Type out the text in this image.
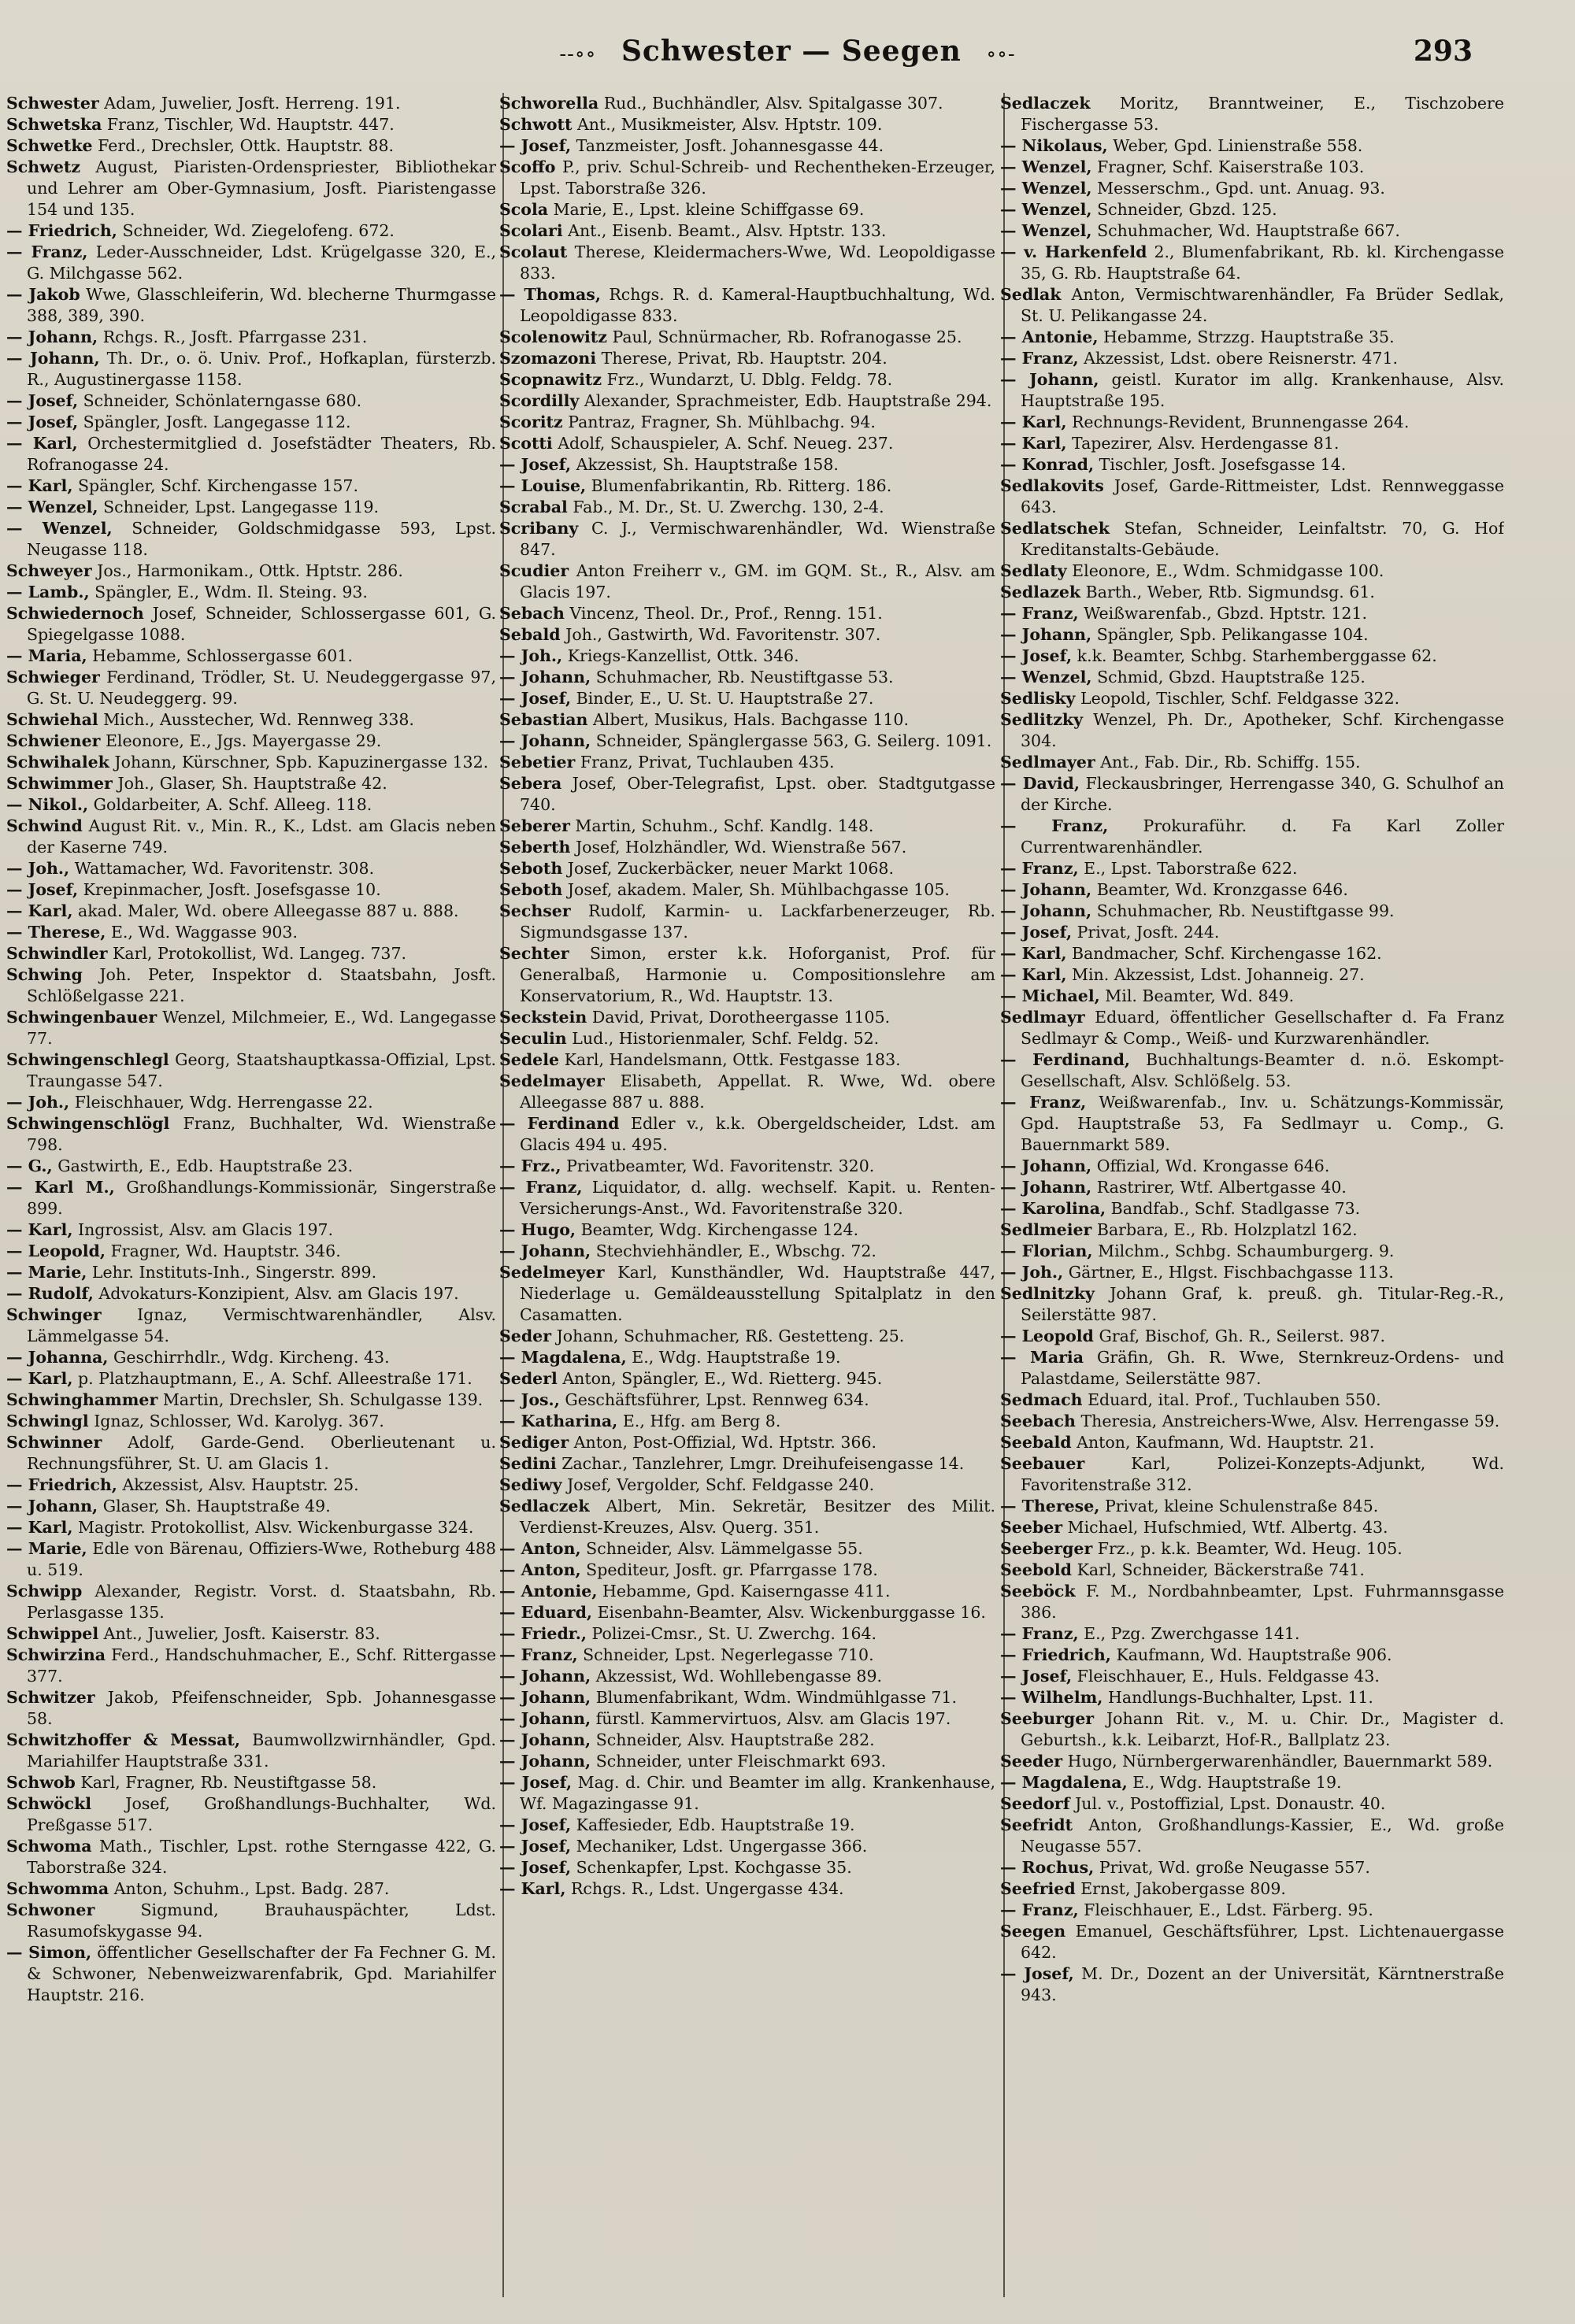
--∘∘ Schwester — Seegen ∘∘-	293

Schwester Adam, Juwelier, Josft. Herreng. 191.

Schwetska Franz, Tischler, Wd. Hauptstr. 447.

Schwetke Ferd., Drechsler, Ottk. Hauptstr. 88.

Schwetz August, Piaristen-Ordenspriester, Bibliothekar und Lehrer am Ober-Gymnasium, Josft. Piaristengasse 154 und 135.

— Friedrich, Schneider, Wd. Ziegelofeng. 672.

— Franz, Leder-Ausschneider, Ldst. Krügelgasse 320, E., G. Milchgasse 562.

— Jakob Wwe, Glasschleiferin, Wd. blecherne Thurmgasse 388, 389, 390.

— Johann, Rchgs. R., Josft. Pfarrgasse 231.

— Johann, Th. Dr., o. ö. Univ. Prof., Hofkaplan, fürsterzb. R., Augustinergasse 1158.

— Josef, Schneider, Schönlaterngasse 680.

— Josef, Spängler, Josft. Langegasse 112.

— Karl, Orchestermitglied d. Josefstädter Theaters, Rb. Rofranogasse 24.

— Karl, Spängler, Schf. Kirchengasse 157.

— Wenzel, Schneider, Lpst. Langegasse 119.

— Wenzel, Schneider, Goldschmidgasse 593, Lpst. Neugasse 118.

Schweyer Jos., Harmonikam., Ottk. Hptstr. 286.

— Lamb., Spängler, E., Wdm. Il. Steing. 93.

Schwiedernoch Josef, Schneider, Schlossergasse 601, G. Spiegelgasse 1088.

— Maria, Hebamme, Schlossergasse 601.

Schwieger Ferdinand, Trödler, St. U. Neudeggergasse 97, G. St. U. Neudeggerg. 99.

Schwiehal Mich., Ausstecher, Wd. Rennweg 338.

Schwiener Eleonore, E., Jgs. Mayergasse 29.

Schwihalek Johann, Kürschner, Spb. Kapuzinergasse 132.

Schwimmer Joh., Glaser, Sh. Hauptstraße 42.

— Nikol., Goldarbeiter, A. Schf. Alleeg. 118.

Schwind August Rit. v., Min. R., K., Ldst. am Glacis neben der Kaserne 749.

— Joh., Wattamacher, Wd. Favoritenstr. 308.

— Josef, Krepinmacher, Josft. Josefsgasse 10.

— Karl, akad. Maler, Wd. obere Alleegasse 887 u. 888.

— Therese, E., Wd. Waggasse 903.

Schwindler Karl, Protokollist, Wd. Langeg. 737.

Schwing Joh. Peter, Inspektor d. Staatsbahn, Josft. Schlößelgasse 221.

Schwingenbauer Wenzel, Milchmeier, E., Wd. Langegasse 77.

Schwingenschlegl Georg, Staatshauptkassa-Offizial, Lpst. Traungasse 547.

— Joh., Fleischhauer, Wdg. Herrengasse 22.

Schwingenschlögl Franz, Buchhalter, Wd. Wienstraße 798.

— G., Gastwirth, E., Edb. Hauptstraße 23.

— Karl M., Großhandlungs-Kommissionär, Singerstraße 899.

— Karl, Ingrossist, Alsv. am Glacis 197.

— Leopold, Fragner, Wd. Hauptstr. 346.

— Marie, Lehr. Instituts-Inh., Singerstr. 899.

— Rudolf, Advokaturs-Konzipient, Alsv. am Glacis 197.

Schwinger Ignaz, Vermischtwarenhändler, Alsv. Lämmelgasse 54.

— Johanna, Geschirrhdlr., Wdg. Kircheng. 43.

— Karl, p. Platzhauptmann, E., A. Schf. Alleestraße 171.

Schwinghammer Martin, Drechsler, Sh. Schulgasse 139.

Schwingl Ignaz, Schlosser, Wd. Karolyg. 367.

Schwinner Adolf, Garde-Gend. Oberlieutenant u. Rechnungsführer, St. U. am Glacis 1.

— Friedrich, Akzessist, Alsv. Hauptstr. 25.

— Johann, Glaser, Sh. Hauptstraße 49.

— Karl, Magistr. Protokollist, Alsv. Wickenburgasse 324.

— Marie, Edle von Bärenau, Offiziers-Wwe, Rotheburg 488 u. 519.

Schwipp Alexander, Registr. Vorst. d. Staatsbahn, Rb. Perlasgasse 135.

Schwippel Ant., Juwelier, Josft. Kaiserstr. 83.

Schwirzina Ferd., Handschuhmacher, E., Schf. Rittergasse 377.

Schwitzer Jakob, Pfeifenschneider, Spb. Johannesgasse 58.

Schwitzhoffer & Messat, Baumwollzwirnhändler, Gpd. Mariahilfer Hauptstraße 331.

Schwob Karl, Fragner, Rb. Neustiftgasse 58.

Schwöckl Josef, Großhandlungs-Buchhalter, Wd. Preßgasse 517.

Schwoma Math., Tischler, Lpst. rothe Sterngasse 422, G. Taborstraße 324.

Schwomma Anton, Schuhm., Lpst. Badg. 287.

Schwoner	Sigmund, Brauhauspächter, Ldst. Rasumofskygasse 94.

— Simon, öffentlicher Gesellschafter der Fa Fechner G. M. & Schwoner, Nebenweizwarenfabrik, Gpd. Mariahilfer Hauptstr. 216.

Schworella Rud., Buchhändler, Alsv. Spitalgasse 307.

Schwott Ant., Musikmeister, Alsv. Hptstr. 109.

— Josef, Tanzmeister, Josft. Johannesgasse 44.

Scoffo P., priv. Schul-Schreib- und Rechentheken-Erzeuger, Lpst. Taborstraße 326.

Scola Marie, E., Lpst. kleine Schiffgasse 69.

Scolari Ant., Eisenb. Beamt., Alsv. Hptstr. 133.

Scolaut Therese, Kleidermachers-Wwe, Wd. Leopoldigasse 833.

— Thomas, Rchgs. R. d. Kameral-Hauptbuchhaltung, Wd. Leopoldigasse 833.

Scolenowitz Paul, Schnürmacher, Rb. Rofranogasse 25.

Szomazoni Therese, Privat, Rb. Hauptstr. 204.

Scopnawitz Frz., Wundarzt, U. Dblg. Feldg. 78.

Scordilly Alexander, Sprachmeister, Edb. Hauptstraße 294.

Scoritz Pantraz, Fragner, Sh. Mühlbachg. 94.

Scotti Adolf, Schauspieler, A. Schf. Neueg. 237.

— Josef, Akzessist, Sh. Hauptstraße 158.

— Louise, Blumenfabrikantin, Rb. Ritterg. 186.

Scrabal Fab., M. Dr., St. U. Zwerchg. 130, 2-4.

Scribany C. J., Vermischwarenhändler, Wd. Wienstraße 847.

Scudier Anton Freiherr v., GM. im GQM. St., R., Alsv. am Glacis 197.

Sebach Vincenz, Theol. Dr., Prof., Renng. 151.

Sebald Joh., Gastwirth, Wd. Favoritenstr. 307.

— Joh., Kriegs-Kanzellist, Ottk. 346.

— Johann, Schuhmacher, Rb. Neustiftgasse 53.

— Josef, Binder, E., U. St. U. Hauptstraße 27.

Sebastian Albert, Musikus, Hals. Bachgasse 110.

— Johann, Schneider, Spänglergasse 563, G. Seilerg. 1091.

Sebetier Franz, Privat, Tuchlauben 435.

Sebera Josef, Ober-Telegrafist, Lpst. ober. Stadtgutgasse 740.

Seberer Martin, Schuhm., Schf. Kandlg. 148.

Seberth Josef, Holzhändler, Wd. Wienstraße 567.

Seboth Josef, Zuckerbäcker, neuer Markt 1068.

Seboth Josef, akadem. Maler, Sh. Mühlbachgasse 105.

Sechser Rudolf, Karmin- u. Lackfarbenerzeuger, Rb. Sigmundsgasse 137.

Sechter Simon, erster k.k. Hoforganist, Prof. für Generalbaß, Harmonie u. Compositionslehre am Konservatorium, R., Wd. Hauptstr. 13.

Seckstein David, Privat, Dorotheergasse 1105.

Seculin Lud., Historienmaler, Schf. Feldg. 52.

Sedele Karl, Handelsmann, Ottk. Festgasse 183.

Sedelmayer Elisabeth, Appellat. R. Wwe, Wd. obere Alleegasse 887 u. 888.

— Ferdinand Edler v., k.k. Obergeldscheider, Ldst. am Glacis 494 u. 495.

— Frz., Privatbeamter, Wd. Favoritenstr. 320.

— Franz, Liquidator, d. allg. wechself. Kapit. u. Renten-Versicherungs-Anst., Wd. Favoritenstraße 320.

— Hugo, Beamter, Wdg. Kirchengasse 124.

— Johann, Stechviehhändler, E., Wbschg. 72.

Sedelmeyer Karl, Kunsthändler, Wd. Hauptstraße 447, Niederlage u. Gemäldeausstellung Spitalplatz in den Casamatten.

Seder Johann, Schuhmacher, Rß. Gestetteng. 25.

— Magdalena, E., Wdg. Hauptstraße 19.

Sederl Anton, Spängler, E., Wd. Rietterg. 945.

— Jos., Geschäftsführer, Lpst. Rennweg 634.

— Katharina, E., Hfg. am Berg 8.

Sediger Anton, Post-Offizial, Wd. Hptstr. 366.

Sedini Zachar., Tanzlehrer, Lmgr. Dreihufeisengasse 14.

Sediwy Josef, Vergolder, Schf. Feldgasse 240.

Sedlaczek Albert, Min. Sekretär, Besitzer des Milit. Verdienst-Kreuzes, Alsv. Querg. 351.

— Anton, Schneider, Alsv. Lämmelgasse 55.

— Anton, Spediteur, Josft. gr. Pfarrgasse 178.

— Antonie, Hebamme, Gpd. Kaiserngasse 411.

— Eduard, Eisenbahn-Beamter, Alsv. Wickenburggasse 16.

— Friedr., Polizei-Cmsr., St. U. Zwerchg. 164.

— Franz, Schneider, Lpst. Negerlegasse 710.

— Johann, Akzessist, Wd. Wohllebengasse 89.

— Johann, Blumenfabrikant, Wdm. Windmühlgasse 71.

— Johann, fürstl. Kammervirtuos, Alsv. am Glacis 197.

— Johann, Schneider, Alsv. Hauptstraße 282.

— Johann, Schneider, unter Fleischmarkt 693.

— Josef, Mag. d. Chir. und Beamter im allg. Krankenhause, Wf. Magazingasse 91.

— Josef, Kaffesieder, Edb. Hauptstraße 19.

— Josef, Mechaniker, Ldst. Ungergasse 366.

— Josef, Schenkapfer, Lpst. Kochgasse 35.

— Karl, Rchgs. R., Ldst. Ungergasse 434.

Sedlaczek Moritz, Branntweiner, E., Tischzobere Fischergasse 53.

— Nikolaus, Weber, Gpd. Linienstraße 558.

— Wenzel, Fragner, Schf. Kaiserstraße 103.

— Wenzel, Messerschm., Gpd. unt. Anuag. 93.

— Wenzel, Schneider, Gbzd. 125.

— Wenzel, Schuhmacher, Wd. Hauptstraße 667.

— v. Harkenfeld 2., Blumenfabrikant, Rb. kl. Kirchengasse 35, G. Rb. Hauptstraße 64.

Sedlak Anton, Vermischtwarenhändler, Fa Brüder Sedlak, St. U. Pelikangasse 24.

— Antonie, Hebamme, Strzzg. Hauptstraße 35.

— Franz, Akzessist, Ldst. obere Reisnerstr. 471.

— Johann, geistl. Kurator im allg. Krankenhause, Alsv. Hauptstraße 195.

— Karl, Rechnungs-Revident, Brunnengasse 264.

— Karl, Tapezirer, Alsv. Herdengasse 81.

— Konrad, Tischler, Josft. Josefsgasse 14.

Sedlakovits Josef, Garde-Rittmeister, Ldst. Rennweggasse 643.

Sedlatschek Stefan, Schneider, Leinfaltstr. 70, G. Hof Kreditanstalts-Gebäude.

Sedlaty Eleonore, E., Wdm. Schmidgasse 100.

Sedlazek Barth., Weber, Rtb. Sigmundsg. 61.

— Franz, Weißwarenfab., Gbzd. Hptstr. 121.

— Johann, Spängler, Spb. Pelikangasse 104.

— Josef, k.k. Beamter, Schbg. Starhemberggasse 62.

— Wenzel, Schmid, Gbzd. Hauptstraße 125.

Sedlisky Leopold, Tischler, Schf. Feldgasse 322.

Sedlitzky Wenzel, Ph. Dr., Apotheker, Schf. Kirchengasse 304.

Sedlmayer Ant., Fab. Dir., Rb. Schiffg. 155.

— David, Fleckausbringer, Herrengasse 340, G. Schulhof an der Kirche.

— Franz, Prokuraführ. d. Fa Karl Zoller Currentwarenhändler.

— Franz, E., Lpst. Taborstraße 622.

— Johann, Beamter, Wd. Kronzgasse 646.

— Johann, Schuhmacher, Rb. Neustiftgasse 99.

— Josef, Privat, Josft. 244.

— Karl, Bandmacher, Schf. Kirchengasse 162.

— Karl, Min. Akzessist, Ldst. Johanneig. 27.

— Michael, Mil. Beamter, Wd. 849.

Sedlmayr Eduard, öffentlicher Gesellschafter d. Fa Franz Sedlmayr & Comp., Weiß- und Kurzwarenhändler.

— Ferdinand, Buchhaltungs-Beamter d. n.ö. Eskompt-Gesellschaft, Alsv. Schlößelg. 53.

— Franz, Weißwarenfab., Inv. u. Schätzungs-Kommissär, Gpd. Hauptstraße 53, Fa Sedlmayr u. Comp., G. Bauernmarkt 589.

— Johann, Offizial, Wd. Krongasse 646.

— Johann, Rastrirer, Wtf. Albertgasse 40.

— Karolina, Bandfab., Schf. Stadlgasse 73.

Sedlmeier Barbara, E., Rb. Holzplatzl 162.

— Florian, Milchm., Schbg. Schaumburgerg. 9.

— Joh., Gärtner, E., Hlgst. Fischbachgasse 113.

Sedlnitzky Johann Graf, k. preuß. gh. Titular-Reg.-R., Seilerstätte 987.

— Leopold Graf, Bischof, Gh. R., Seilerst. 987.

— Maria Gräfin, Gh. R. Wwe, Sternkreuz-Ordens- und Palastdame, Seilerstätte 987.

Sedmach Eduard, ital. Prof., Tuchlauben 550.

Seebach Theresia, Anstreichers-Wwe, Alsv. Herrengasse 59.

Seebald Anton, Kaufmann, Wd. Hauptstr. 21.

Seebauer	Karl, Polizei-Konzepts-Adjunkt, Wd. Favoritenstraße 312.

— Therese, Privat, kleine Schulenstraße 845.

Seeber Michael, Hufschmied, Wtf. Albertg. 43.

Seeberger Frz., p. k.k. Beamter, Wd. Heug. 105.

Seebold Karl, Schneider, Bäckerstraße 741.

Seeböck F. M., Nordbahnbeamter, Lpst. Fuhrmannsgasse 386.

— Franz, E., Pzg. Zwerchgasse 141.

— Friedrich, Kaufmann, Wd. Hauptstraße 906.

— Josef, Fleischhauer, E., Huls. Feldgasse 43.

— Wilhelm, Handlungs-Buchhalter, Lpst. 11.

Seeburger Johann Rit. v., M. u. Chir. Dr., Magister d. Geburtsh., k.k. Leibarzt, Hof-R., Ballplatz 23.

Seeder Hugo, Nürnbergerwarenhändler, Bauernmarkt 589.

— Magdalena, E., Wdg. Hauptstraße 19.

Seedorf Jul. v., Postoffizial, Lpst. Donaustr. 40.

Seefridt Anton, Großhandlungs-Kassier, E., Wd. große Neugasse 557.

— Rochus, Privat, Wd. große Neugasse 557.

Seefried Ernst, Jakobergasse 809.

— Franz, Fleischhauer, E., Ldst. Färberg. 95.

Seegen Emanuel, Geschäftsführer, Lpst. Lichtenauergasse 642.

— Josef, M. Dr., Dozent an der Universität, Kärntnerstraße 943.
